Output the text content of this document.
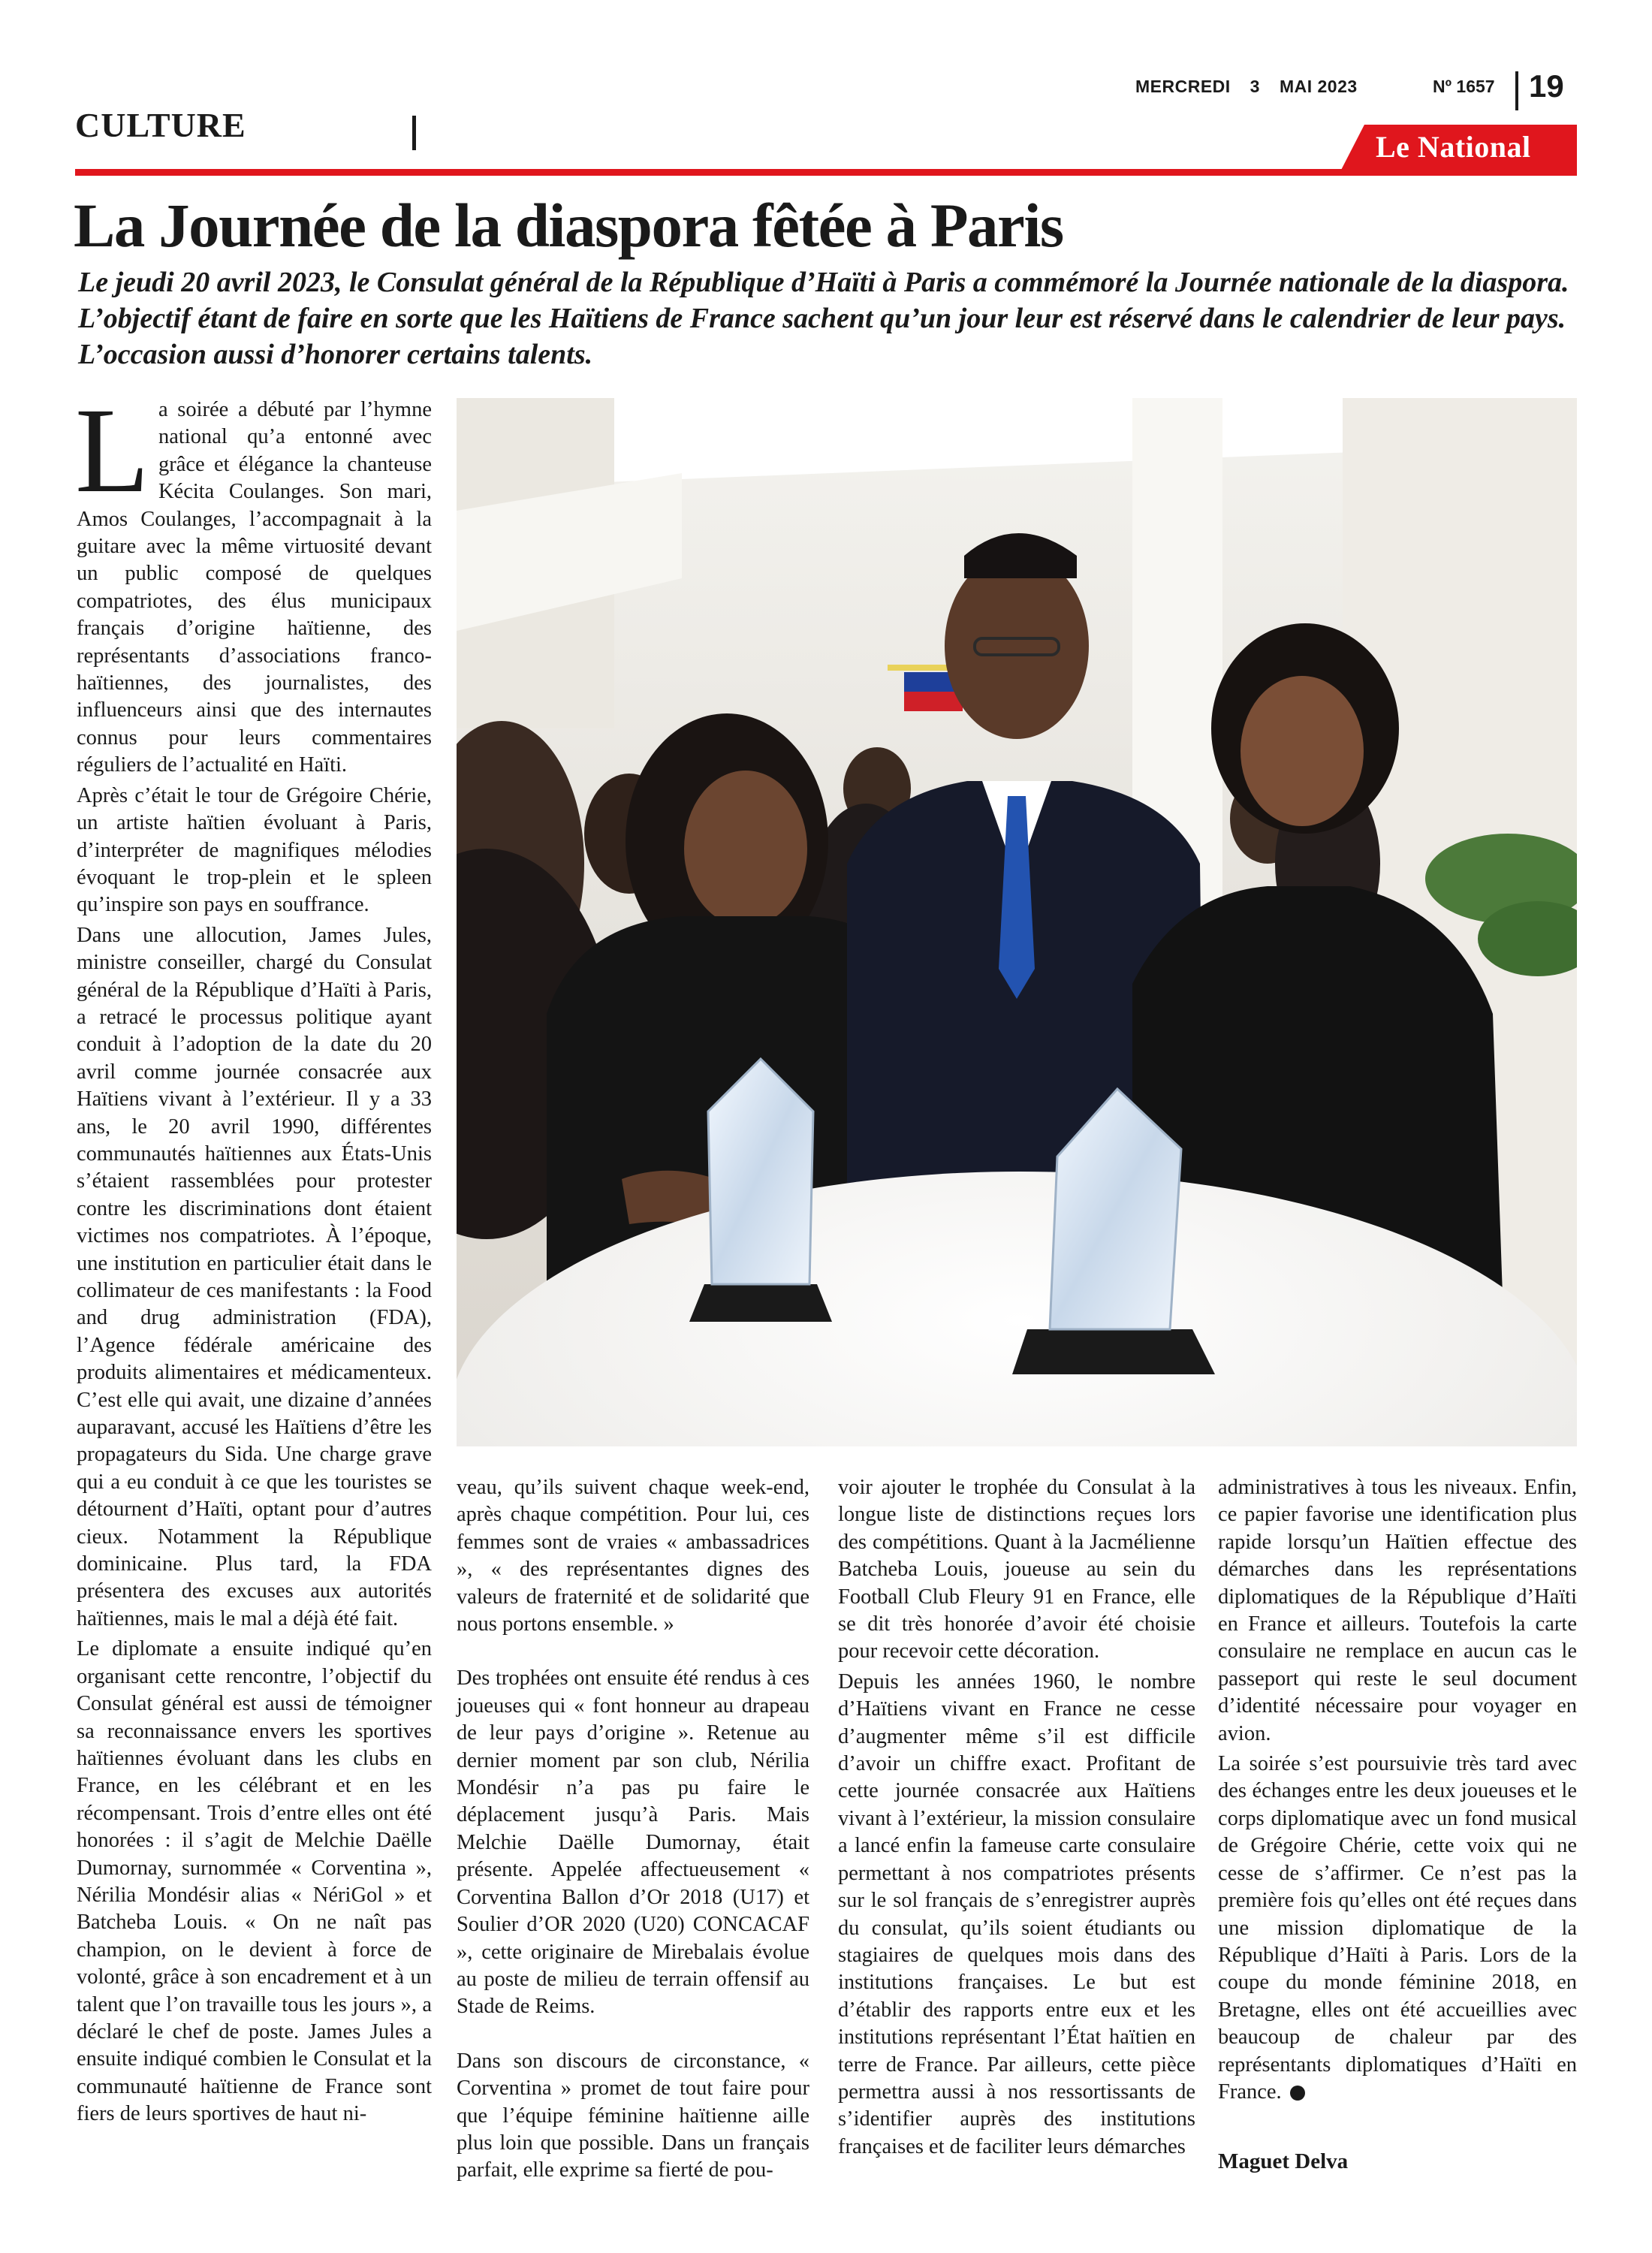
MERCREDI 3 MAI 2023	Nº 1657 19
CULTURE
Le National
La Journée de la diaspora fêtée à Paris

Le jeudi 20 avril 2023, le Consulat général de la République d’Haïti à Paris a commémoré la Journée nationale de la diaspora.

L’objectif étant de faire en sorte que les Haïtiens de France sachent qu’un jour leur est réservé dans le calendrier de leur pays.

L’occasion aussi d’honorer certains talents.

La soirée a débuté par l’hymne national qu’a entonné avec grâce et élégance la chanteuse Kécita Coulanges. Son mari, Amos Coulanges, l’accompagnait à la guitare avec la même virtuosité devant un public composé de quelques compatriotes, des élus municipaux français d’origine haïtienne, des représentants d’associations franco-haïtiennes, des journalistes, des influenceurs ainsi que des internautes connus pour leurs commentaires réguliers de l’actualité en Haïti.

Après c’était le tour de Grégoire Chérie, un artiste haïtien évoluant à Paris, d’interpréter de magnifiques mélodies évoquant le trop-plein et le spleen qu’inspire son pays en souffrance.

Dans une allocution, James Jules, ministre conseiller, chargé du Consulat général de la République d’Haïti à Paris, a retracé le processus politique ayant conduit à l’adoption de la date du 20 avril comme journée consacrée aux Haïtiens vivant à l’extérieur. Il y a 33 ans, le 20 avril 1990, différentes communautés haïtiennes aux États-Unis s’étaient rassemblées pour protester contre les discriminations dont étaient victimes nos compatriotes. À l’époque, une institution en particulier était dans le collimateur de ces manifestants : la Food and drug administration (FDA), l’Agence fédérale américaine des produits alimentaires et médicamenteux. C’est elle qui avait, une dizaine d’années auparavant, accusé les Haïtiens d’être les propagateurs du Sida. Une charge grave qui a eu conduit à ce que les touristes se détournent d’Haïti, optant pour d’autres cieux. Notamment la République dominicaine. Plus tard, la FDA présentera des excuses aux autorités haïtiennes, mais le mal a déjà été fait.

Le diplomate a ensuite indiqué qu’en organisant cette rencontre, l’objectif du Consulat général est aussi de témoigner sa reconnaissance envers les sportives haïtiennes évoluant dans les clubs en France, en les célébrant et en les récompensant. Trois d’entre elles ont été honorées : il s’agit de Melchie Daëlle Dumornay, surnommée « Corventina », Nérilia Mondésir alias « NériGol » et Batcheba Louis. « On ne naît pas champion, on le devient à force de volonté, grâce à son encadrement et à un talent que l’on travaille tous les jours », a déclaré le chef de poste. James Jules a ensuite indiqué combien le Consulat et la communauté haïtienne de France sont fiers de leurs sportives de haut ni-

veau, qu’ils suivent chaque week-end, après chaque compétition. Pour lui, ces femmes sont de vraies « ambassadrices », « des représentantes dignes des valeurs de fraternité et de solidarité que nous portons ensemble. »

Des trophées ont ensuite été rendus à ces joueuses qui « font honneur au drapeau de leur pays d’origine ». Retenue au dernier moment par son club, Nérilia Mondésir n’a pas pu faire le déplacement jusqu’à Paris. Mais Melchie Daëlle Dumornay, était présente. Appelée affectueusement « Corventina Ballon d’Or 2018 (U17) et Soulier d’OR 2020 (U20) CONCACAF », cette originaire de Mirebalais évolue au poste de milieu de terrain offensif au Stade de Reims.

Dans son discours de circonstance, « Corventina » promet de tout faire pour que l’équipe féminine haïtienne aille plus loin que possible. Dans un français parfait, elle exprime sa fierté de pou-

voir ajouter le trophée du Consulat à la longue liste de distinctions reçues lors des compétitions. Quant à la Jacmélienne Batcheba Louis, joueuse au sein du Football Club Fleury 91 en France, elle se dit très honorée d’avoir été choisie pour recevoir cette décoration.

Depuis les années 1960, le nombre d’Haïtiens vivant en France ne cesse d’augmenter même s’il est difficile d’avoir un chiffre exact. Profitant de cette journée consacrée aux Haïtiens vivant à l’extérieur, la mission consulaire a lancé enfin la fameuse carte consulaire permettant à nos compatriotes présents sur le sol français de s’enregistrer auprès du consulat, qu’ils soient étudiants ou stagiaires de quelques mois dans des institutions françaises. Le but est d’établir des rapports entre eux et les institutions représentant l’État haïtien en terre de France. Par ailleurs, cette pièce permettra aussi à nos ressortissants de s’identifier auprès des institutions françaises et de faciliter leurs démarches

administratives à tous les niveaux. Enfin, ce papier favorise une identification plus rapide lorsqu’un Haïtien effectue des démarches dans les représentations diplomatiques de la République d’Haïti en France et ailleurs. Toutefois la carte consulaire ne remplace en aucun cas le passeport qui reste le seul document d’identité nécessaire pour voyager en avion.

La soirée s’est poursuivie très tard avec des échanges entre les deux joueuses et le corps diplomatique avec un fond musical de Grégoire Chérie, cette voix qui ne cesse de s’affirmer. Ce n’est pas la première fois qu’elles ont été reçues dans une mission diplomatique de la République d’Haïti à Paris. Lors de la coupe du monde féminine 2018, en Bretagne, elles ont été accueillies avec beaucoup de chaleur par des représentants diplomatiques d’Haïti en France.

Maguet Delva
